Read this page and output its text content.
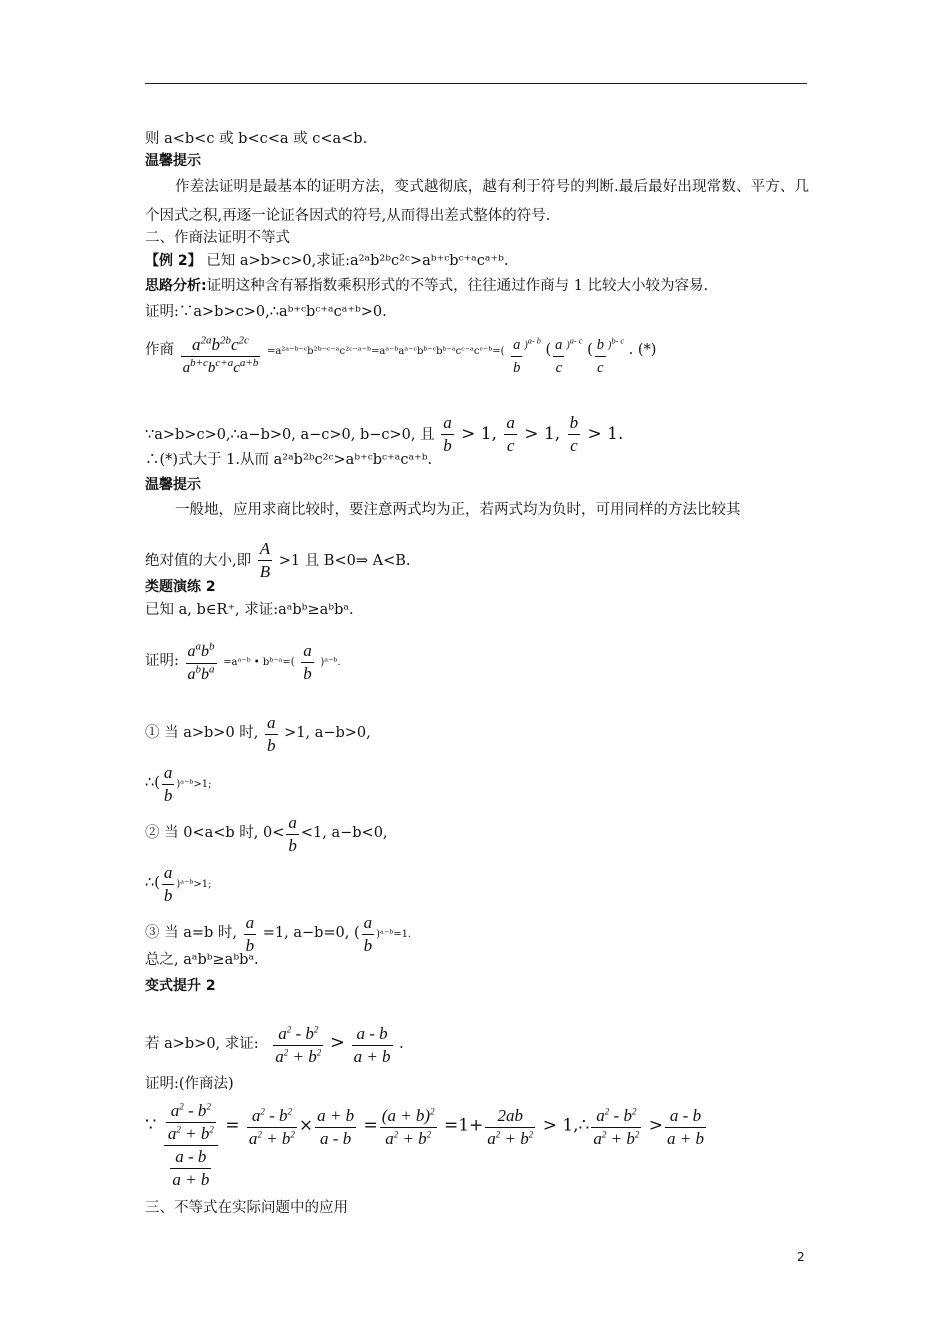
则 a<b<c 或 b<c<a 或 c<a<b.
温馨提示
作差法证明是最基本的证明方法，变式越彻底，越有利于符号的判断.最后最好出现常数、平方、几个因式之积,再逐一论证各因式的符号,从而得出差式整体的符号.
二、作商法证明不等式
【例 2】 已知 a>b>c>0,求证:a²ᵃb²ᵇc²ᶜ>aᵇ⁺ᶜbᶜ⁺ᵃcᵃ⁺ᵇ.
思路分析:证明这种含有幂指数乘积形式的不等式，往往通过作商与 1 比较大小较为容易.
证明:∵a>b>c>0,∴aᵇ⁺ᶜbᶜ⁺ᵃcᵃ⁺ᵇ>0.
作商 $\frac{a^{2a}b^{2b}c^{2c}}{a^{b+c}b^{c+a}c^{a+b}}$ =a²ᵃ⁻ᵇ⁻ᶜb²ᵇ⁻ᶜ⁻ᵃc²ᶜ⁻ᵃ⁻ᵇ=aᵃ⁻ᵇaᵃ⁻ᶜbᵇ⁻ᶜbᵇ⁻ᵃcᶜ⁻ᵃcᶜ⁻ᵇ=( $\frac{a}{b} ^{)^{a- b}}$ ( $\frac{a}{c} ^{)^{a- c}}$ ( $\frac{b}{c} ^{)^{b- c}}$ . (*)
∵a>b>c>0,∴a−b>0, a−c>0, b−c>0, 且 $\frac{a}{b} > 1$, $\frac{a}{c} > 1$, $\frac{b}{c} > 1$.
∴(*)式大于 1.从而 a²ᵃb²ᵇc²ᶜ>aᵇ⁺ᶜbᶜ⁺ᵃcᵃ⁺ᵇ.
温馨提示
一般地，应用求商比较时，要注意两式均为正，若两式均为负时，可用同样的方法比较其
绝对值的大小,即 $\frac{A}{B} >1$ 且 B<0⇒ A<B.
类题演练 2
已知 a, b∈R⁺, 求证:aᵃbᵇ≥aᵇbᵃ.
证明: $\frac{a^ab^b}{a^bb^a}$ =aᵃ⁻ᵇ • bᵇ⁻ᵃ=( $\frac{a}{b}$ )ᵃ⁻ᵇ.
① 当 a>b>0 时, $\frac{a}{b} >1$, a−b>0,
∴( $\frac{a}{b}$ )ᵃ⁻ᵇ>1;
② 当 0<a<b 时, $0< \frac{a}{b} <1$, a−b<0,
∴( $\frac{a}{b}$ )ᵃ⁻ᵇ>1;
③ 当 a=b 时, $\frac{a}{b} =1$, a−b=0, ( $\frac{a}{b}$ )ᵃ⁻ᵇ=1.
总之, aᵃbᵇ≥aᵇbᵃ.
变式提升 2
若 a>b>0, 求证: $\frac{a^2 - b^2}{a^2 + b^2} > \frac{a - b}{a + b}$ .
证明:(作商法)
∵ $\frac{\frac{a^2 - b^2}{a^2 + b^2}}{\frac{a - b}{a + b}} = \frac{a^2 - b^2}{a^2 + b^2} \times \frac{a + b}{a - b} = \frac{(a + b)^2}{a^2 + b^2} =1+ \frac{2ab}{a^2 + b^2}$ > 1,∴ $\frac{a^2 - b^2}{a^2 + b^2} > \frac{a - b}{a + b}$
三、不等式在实际问题中的应用
2
